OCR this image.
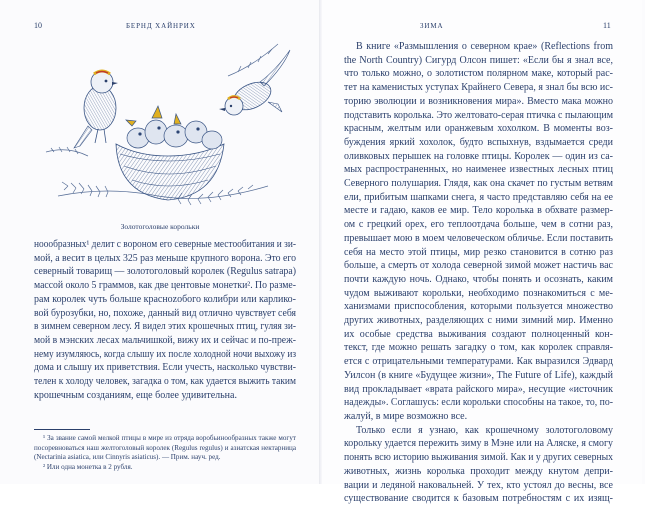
10	БЕРНД ХАЙНРИХ
Золотоголовые корольки
ноообразных¹ делит с вороном его северные местообитания и зи-
мой, а весит в целых 325 раз меньше крупного ворона. Это его
северный товарищ — золотоголовый королек (Regulus satrapa)
массой около 5 граммов, как две центовые монетки². По разме-
рам королек чуть больше красноzобого колибри или карлико-
вой бурозубки, но, похоже, данный вид отлично чувствует себя
в зимнем северном лесу. Я видел этих крошечных птиц, гуляя зи-
мой в мэнских лесах мальчишкой, вижу их и сейчас и по-преж-
нему изумляюсь, когда слышу их после холодной ночи выхожу из
дома и слышу их приветствия. Если учесть, насколько чувстви-
телен к холоду человек, загадка о том, как удается выжить таким
крошечным созданиям, еще более удивительна.

¹ За звание самой мелкой птицы в мире из отряда воробьинообразных также могут посоревноваться наш желтоголовый королек (Regulus regulus) и азиатская нектарница (Nectarinia asiatica, или Cinnyris asiaticus). — Прим. науч. ред.

² Или одна монетка в 2 рубля.

ЗИМА	11
В книге «Размышления о северном крае» (Reflections from
the North Country) Сигурд Олсон пишет: «Если бы я знал все,
что только можно, о золотистом полярном маке, который рас-
тет на каменистых уступах Крайнего Севера, я знал бы всю ис-
торию эволюции и возникновения мира». Вместо мака можно
подставить королька. Это желтовато-серая птичка с пылающим
красным, желтым или оранжевым хохолком. В моменты воз-
буждения яркий хохолок, будто вспыхнув, вздымается среди
оливковых перышек на головке птицы. Королек — один из са-
мых распространенных, но наименее известных лесных птиц
Северного полушария. Глядя, как она скачет по густым ветвям
ели, прибитым шапками снега, я часто представляю себя на ее
месте и гадаю, каков ее мир. Тело королька в обхвате размер-
ом с грецкий орех, его теплоотдача больше, чем в сотни раз,
превышает мою в моем человеческом обличье. Если поставить
себя на место этой птицы, мир резко становится в сотню раз
больше, а смерть от холода северной зимой может настичь вас
почти каждую ночь. Однако, чтобы понять и осознать, каким
чудом выживают корольки, необходимо познакомиться с ме-
ханизмами приспособления, которыми пользуется множество
других животных, разделяющих с ними зимний мир. Именно
их особые средства выживания создают полноценный кон-
текст, где можно решать загадку о том, как королек справля-
ется с отрицательными температурами. Как выразился Эдвард
Уилсон (в книге «Будущее жизни», The Future of Life), каждый
вид прокладывает «врата райского мира», несущие «источник
надежды». Соглашусь: если корольки способны на такое, то, по-
жалуй, в мире возможно все.
Только если я узнаю, как крошечному золотоголовому
корольку удается пережить зиму в Мэне или на Аляске, я смогу
понять всю историю выживания зимой. Как и у других северных
животных, жизнь королька проходит между кнутом депри-
вации и ледяной наковальней. У тех, кто устоял до весны, все
существование сводится к базовым потребностям с их изящ-
